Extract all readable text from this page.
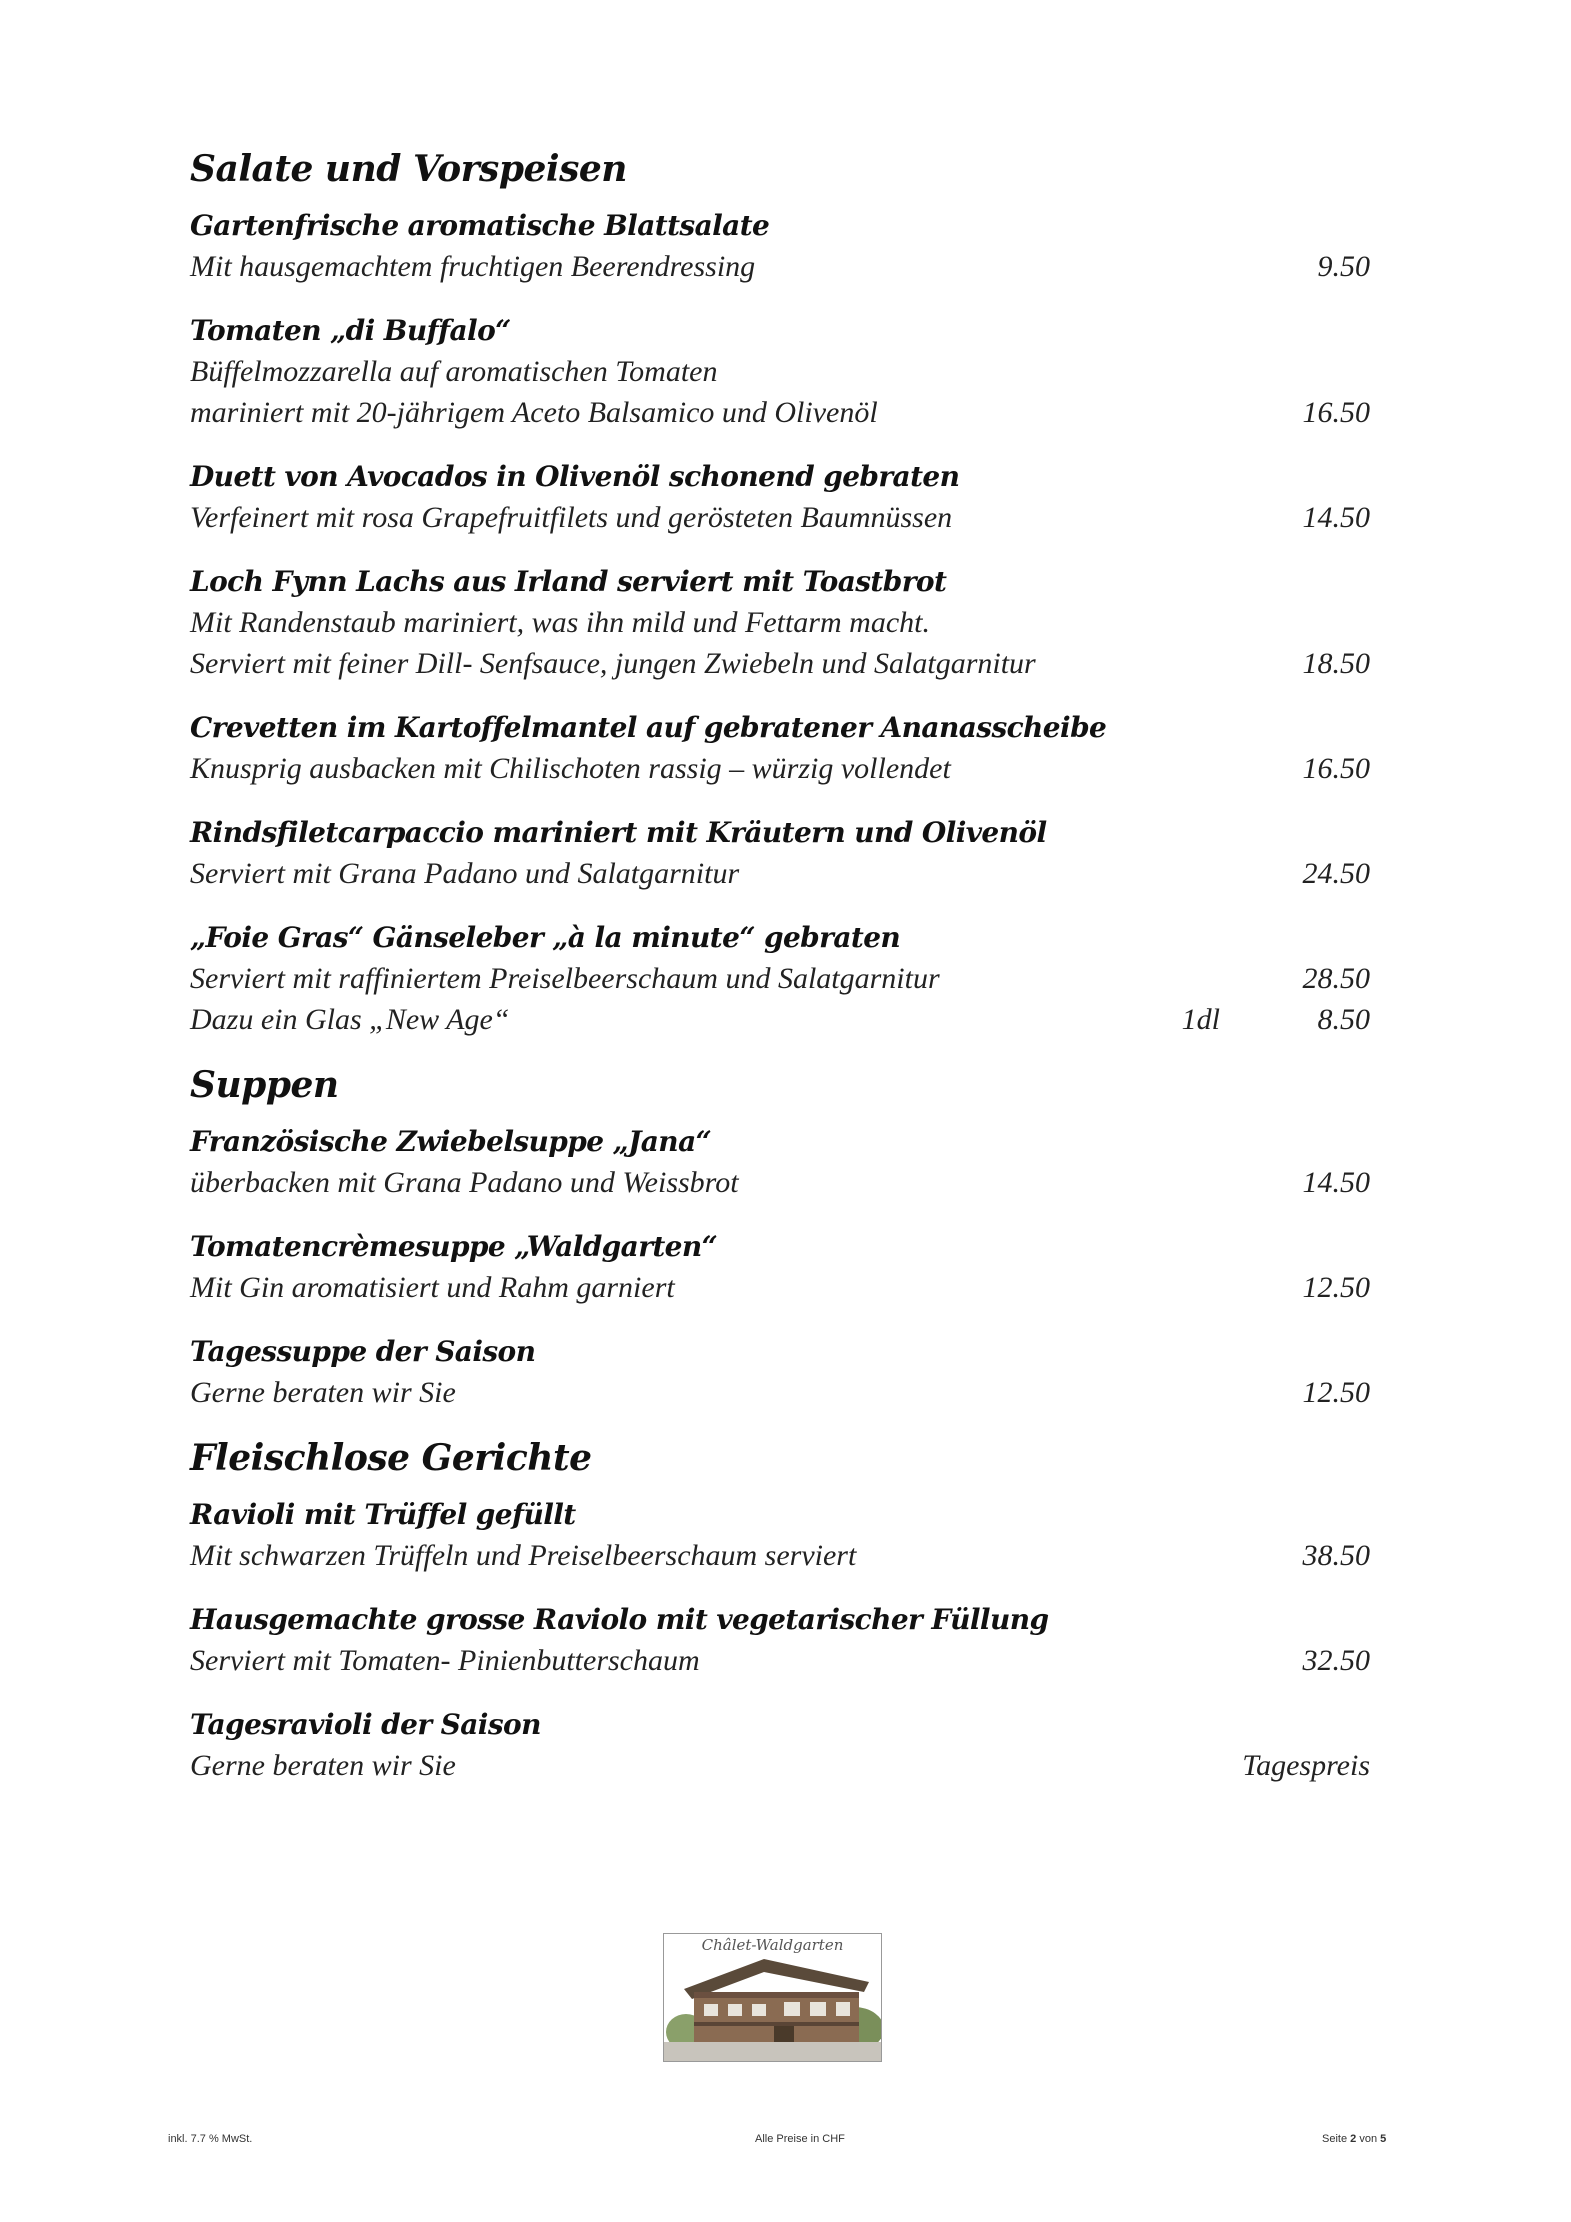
Salate und Vorspeisen
Gartenfrische aromatische Blattsalate
Mit hausgemachtem fruchtigen Beerendressing	9.50
Tomaten „di Buffalo“
Büffelmozzarella auf aromatischen Tomaten
mariniert mit 20-jährigem Aceto Balsamico und Olivenöl	16.50
Duett von Avocados in Olivenöl schonend gebraten
Verfeinert mit rosa Grapefruitfilets und gerösteten Baumnüssen	14.50
Loch Fynn Lachs aus Irland serviert mit Toastbrot
Mit Randenstaub mariniert, was ihn mild und Fettarm macht.
Serviert mit feiner Dill- Senfsauce, jungen Zwiebeln und Salatgarnitur	18.50
Crevetten im Kartoffelmantel auf gebratener Ananasscheibe
Knusprig ausbacken mit Chilischoten rassig – würzig vollendet	16.50
Rindsfiletcarpaccio mariniert mit Kräutern und Olivenöl
Serviert mit Grana Padano und Salatgarnitur	24.50
„Foie Gras“ Gänseleber „à la minute“ gebraten
Serviert mit raffiniertem Preiselbeerschaum und Salatgarnitur	28.50
Dazu ein Glas „New Age“	1dl	8.50
Suppen
Französische Zwiebelsuppe „Jana“
überbacken mit Grana Padano und Weissbrot	14.50
Tomatencrèmesuppe „Waldgarten“
Mit Gin aromatisiert und Rahm garniert	12.50
Tagessuppe der Saison
Gerne beraten wir Sie	12.50
Fleischlose Gerichte
Ravioli mit Trüffel gefüllt
Mit schwarzen Trüffeln und Preiselbeerschaum serviert	38.50
Hausgemachte grosse Raviolo mit vegetarischer Füllung
Serviert mit Tomaten- Pinienbutterschaum	32.50
Tagesravioli der Saison
Gerne beraten wir Sie	Tagespreis
Châlet-Waldgarten
inkl. 7.7 % MwSt.	Alle Preise in CHF	Seite 2 von 5
